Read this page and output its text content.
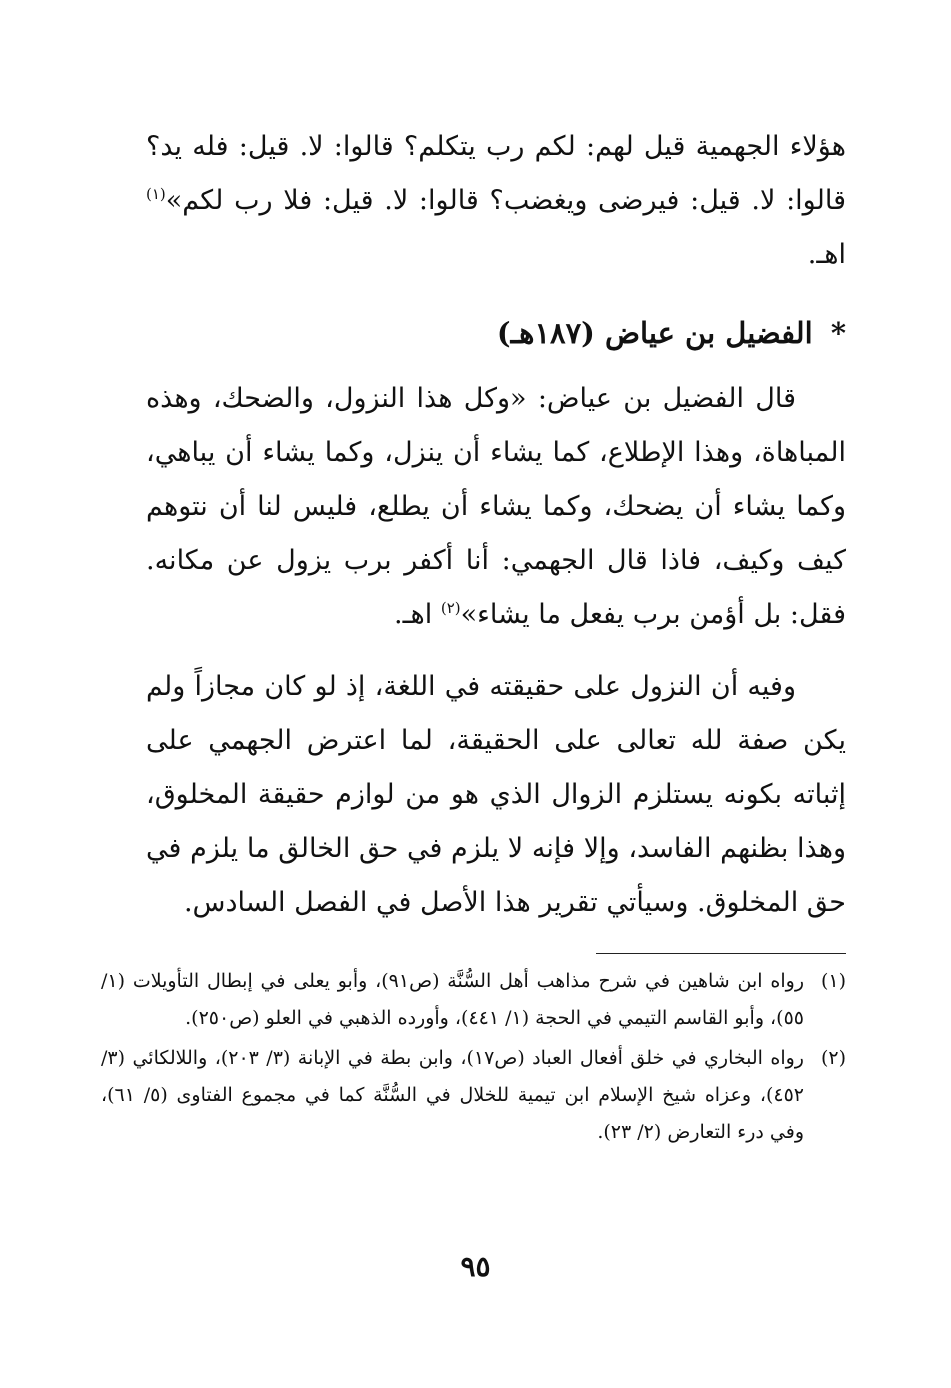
هؤلاء الجهمية قيل لهم: لكم رب يتكلم؟ قالوا: لا. قيل: فله يد؟ قالوا: لا. قيل: فيرضى ويغضب؟ قالوا: لا. قيل: فلا رب لكم»$^{(١)}$ اهـ.
* الفضيل بن عياض (١٨٧هـ)
قال الفضيل بن عياض: «وكل هذا النزول، والضحك، وهذه المباهاة، وهذا الإطلاع، كما يشاء أن ينزل، وكما يشاء أن يباهي، وكما يشاء أن يضحك، وكما يشاء أن يطلع، فليس لنا أن نتوهم كيف وكيف، فاذا قال الجهمي: أنا أكفر برب يزول عن مكانه. فقل: بل أؤمن برب يفعل ما يشاء»$^{(٢)}$ اهـ.
وفيه أن النزول على حقيقته في اللغة، إذ لو كان مجازاً ولم يكن صفة لله تعالى على الحقيقة، لما اعترض الجهمي على إثباته بكونه يستلزم الزوال الذي هو من لوازم حقيقة المخلوق، وهذا بظنهم الفاسد، وإلا فإنه لا يلزم في حق الخالق ما يلزم في حق المخلوق. وسيأتي تقرير هذا الأصل في الفصل السادس.
(١)
رواه ابن شاهين في شرح مذاهب أهل السُّنَّة (ص٩١)، وأبو يعلى في إبطال التأويلات (١/ ٥٥)، وأبو القاسم التيمي في الحجة (١/ ٤٤١)، وأورده الذهبي في العلو (ص٢٥٠).
(٢)
رواه البخاري في خلق أفعال العباد (ص١٧)، وابن بطة في الإبانة (٣/ ٢٠٣)، واللالكائي (٣/ ٤٥٢)، وعزاه شيخ الإسلام ابن تيمية للخلال في السُّنَّة كما في مجموع الفتاوى (٥/ ٦١)، وفي درء التعارض (٢/ ٢٣).
٩٥
